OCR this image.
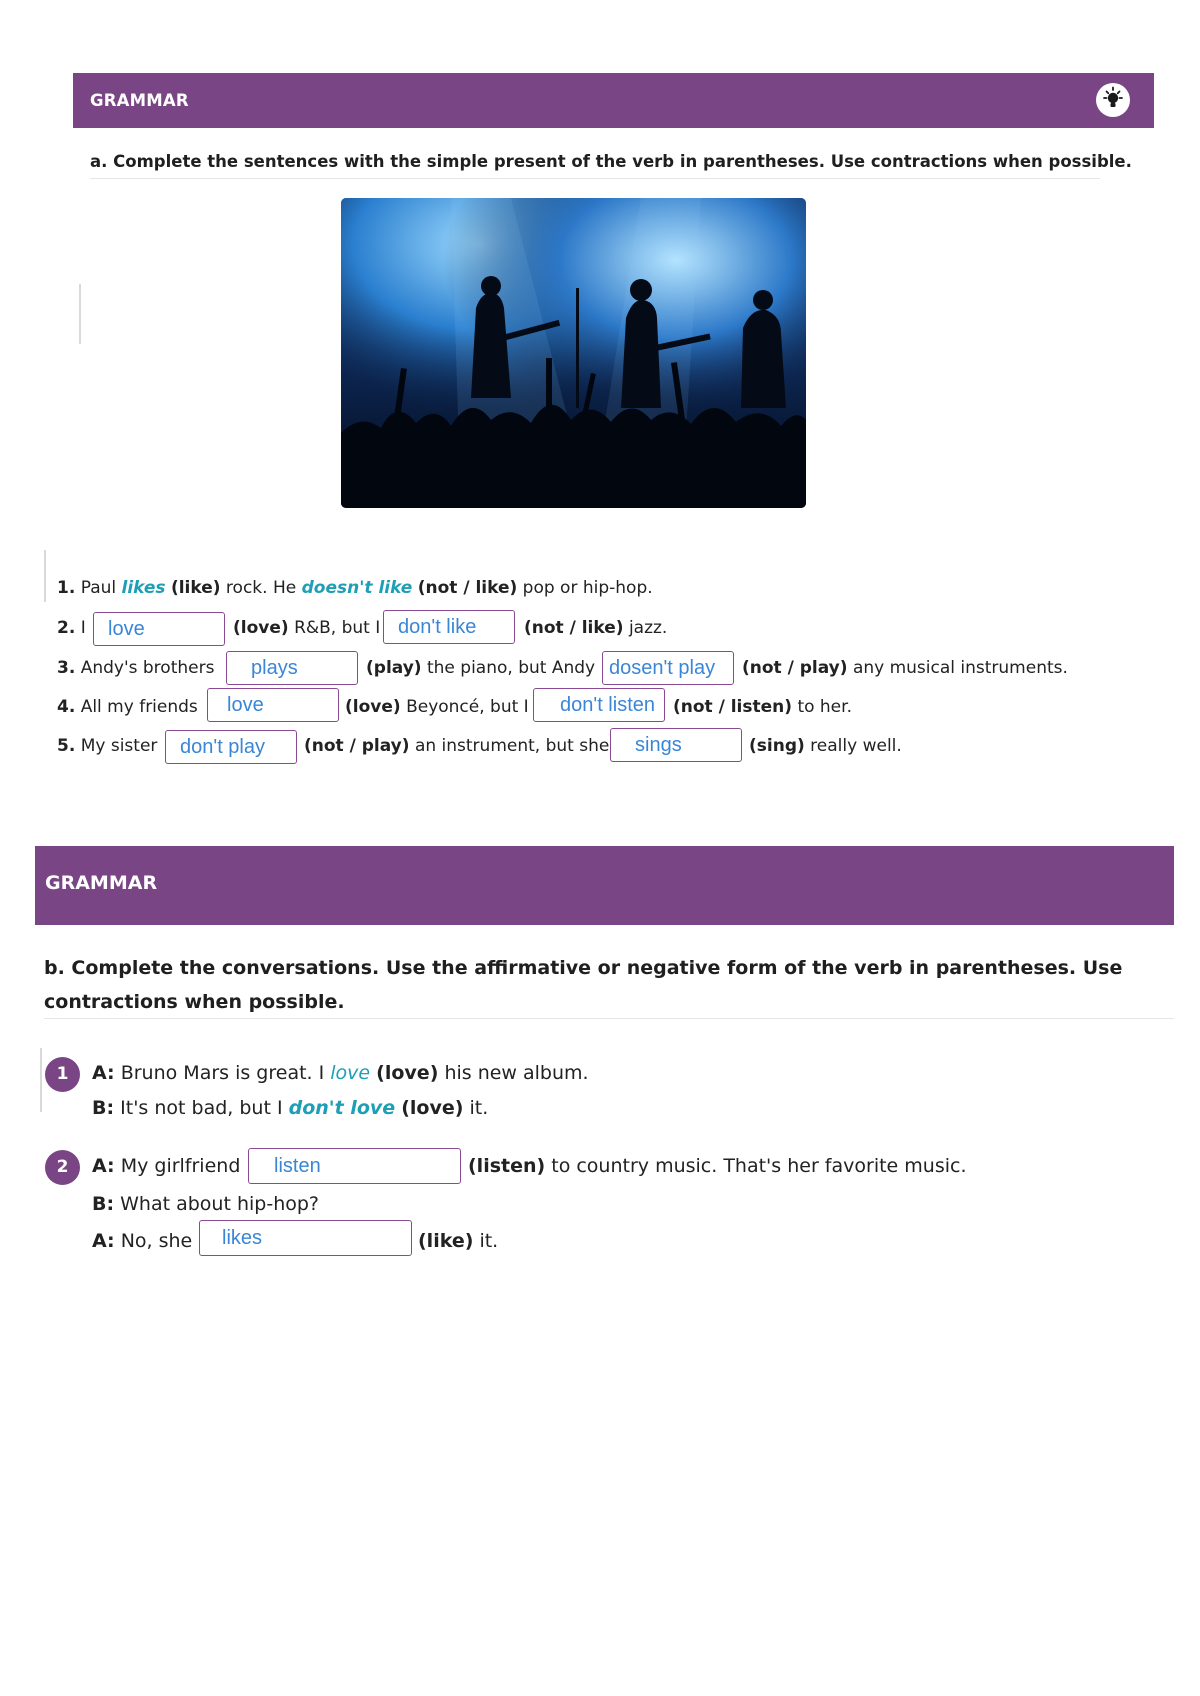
GRAMMAR
a. Complete the sentences with the simple present of the verb in parentheses. Use contractions when possible.
1. Paul likes (like) rock. He doesn't like (not / like) pop or hip-hop.
2. I
love	(love) R&B, but I
don't like	(not / like) jazz.
3. Andy's brothers
plays	(play) the piano, but Andy
dosen't play	(not / play) any musical instruments.
4. All my friends
love	(love) Beyoncé, but I
don't listen	(not / listen) to her.
5. My sister
don't play	(not / play) an instrument, but she
sings	(sing) really well.
GRAMMAR
b. Complete the conversations. Use the affirmative or negative form of the verb in parentheses. Use contractions when possible.
1	A: Bruno Mars is great. I love (love) his new album.
B: It's not bad, but I don't love (love) it.
2	A: My girlfriend
listen	(listen) to country music. That's her favorite music.
B: What about hip-hop?
A: No, she
likes	(like) it.
